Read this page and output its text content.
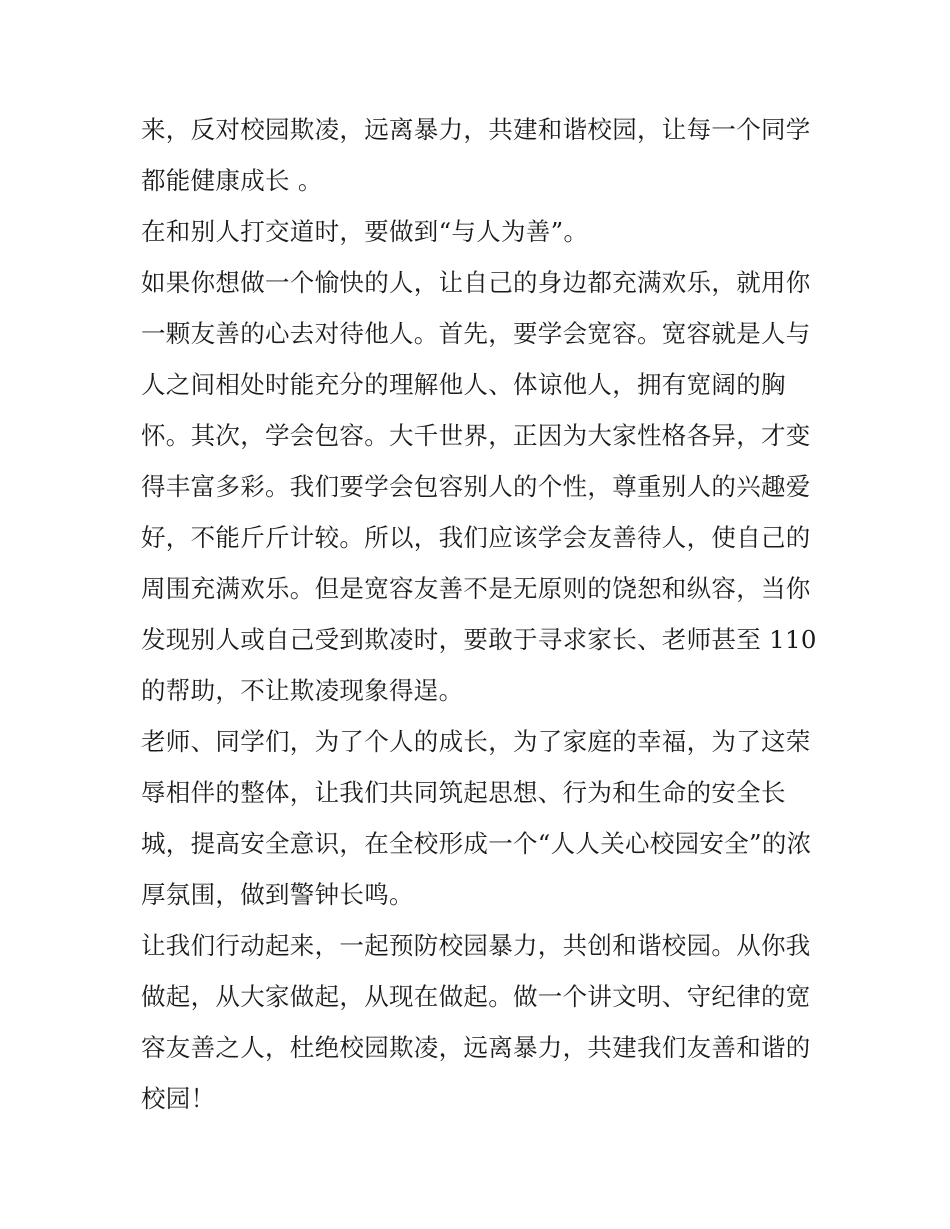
来，反对校园欺凌，远离暴力，共建和谐校园，让每一个同学
都能健康成长 。
在和别人打交道时，要做到“与人为善”。
如果你想做一个愉快的人，让自己的身边都充满欢乐，就用你
一颗友善的心去对待他人。首先，要学会宽容。宽容就是人与
人之间相处时能充分的理解他人、体谅他人，拥有宽阔的胸
怀。其次，学会包容。大千世界，正因为大家性格各异，才变
得丰富多彩。我们要学会包容别人的个性，尊重别人的兴趣爱
好，不能斤斤计较。所以，我们应该学会友善待人，使自己的
周围充满欢乐。但是宽容友善不是无原则的饶恕和纵容，当你
发现别人或自己受到欺凌时，要敢于寻求家长、老师甚至 110
的帮助，不让欺凌现象得逞。
老师、同学们，为了个人的成长，为了家庭的幸福，为了这荣
辱相伴的整体，让我们共同筑起思想、行为和生命的安全长
城，提高安全意识，在全校形成一个“人人关心校园安全”的浓
厚氛围，做到警钟长鸣。
让我们行动起来，一起预防校园暴力，共创和谐校园。从你我
做起，从大家做起，从现在做起。做一个讲文明、守纪律的宽
容友善之人，杜绝校园欺凌，远离暴力，共建我们友善和谐的
校园！
